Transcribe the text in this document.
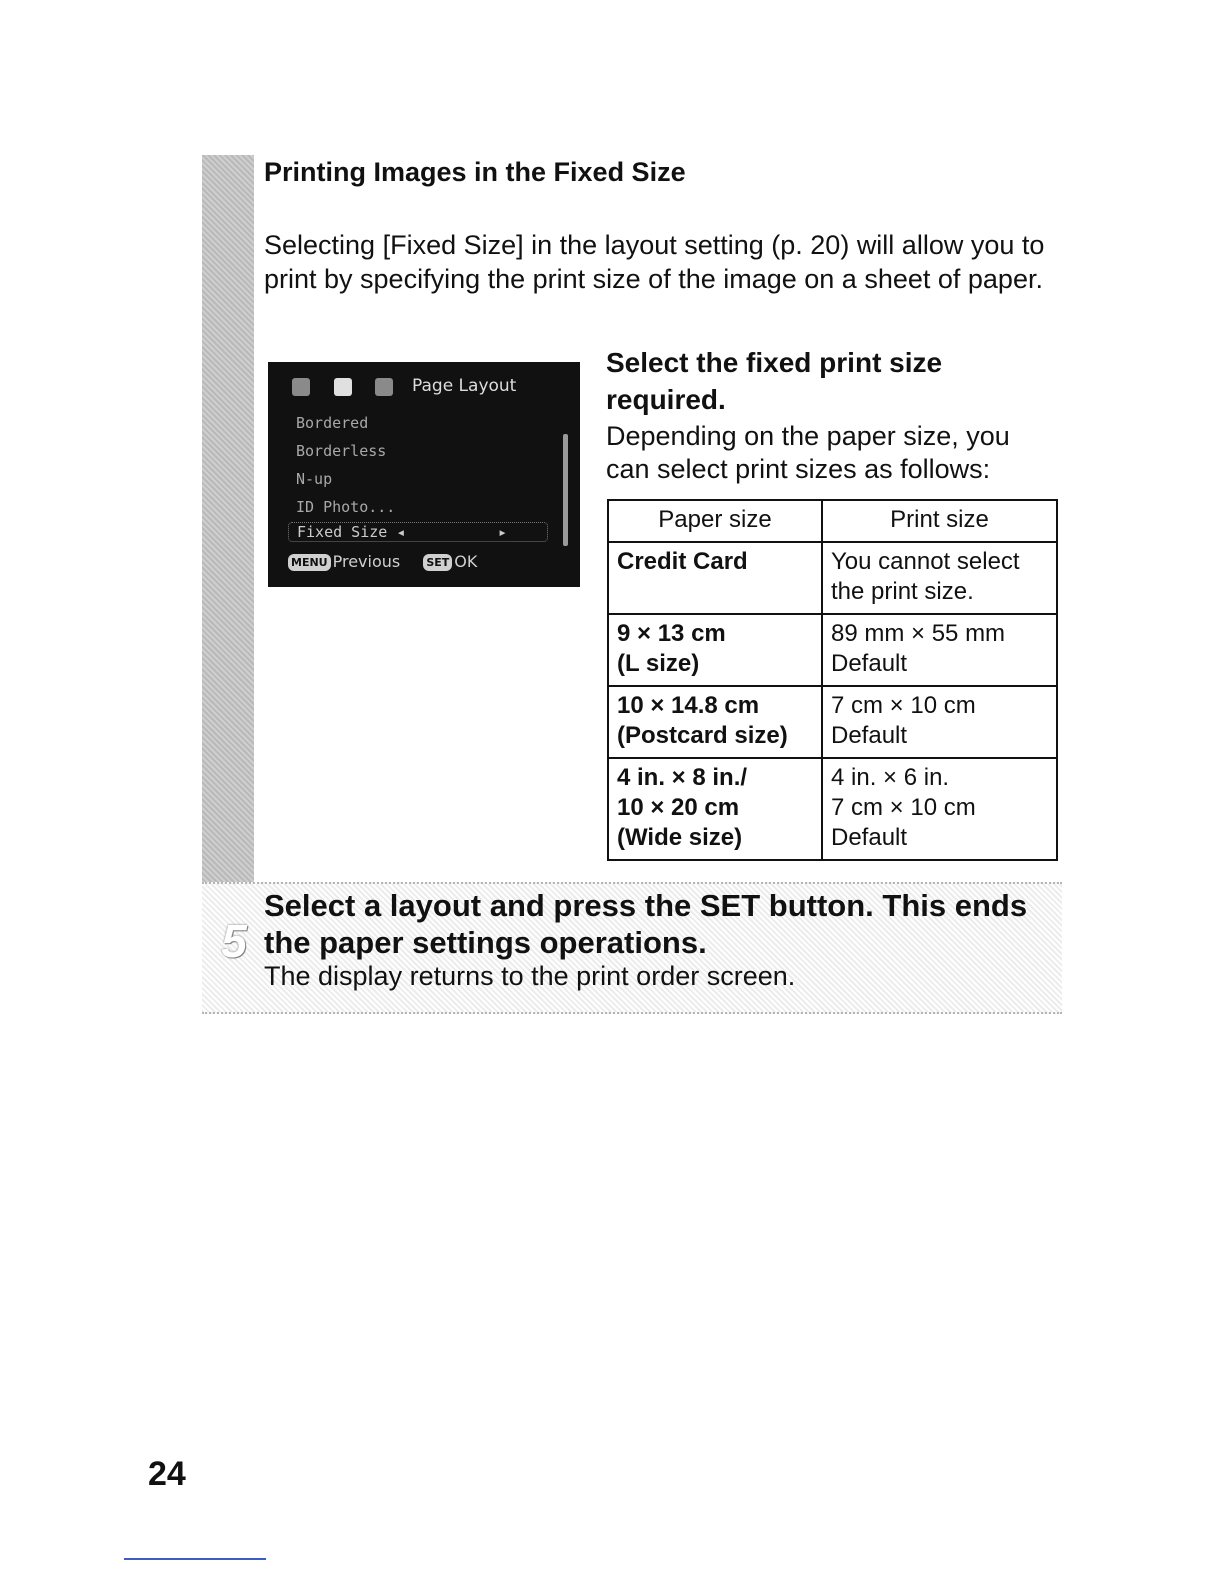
5
Printing Images in the Fixed Size

Selecting [Fixed Size] in the layout setting (p. 20) will allow you to print by specifying the print size of the image on a sheet of paper.

Page Layout
Bordered
Borderless
N-up
ID Photo...
Fixed Size ◂	▸
MENU Previous SET OK
Select the fixed print size required.

Depending on the paper size, you can select print sizes as follows:

Paper size	Print size

Credit Card	You cannot select
the print size.

9 × 13 cm
(L size)	89 mm × 55 mm
Default

10 × 14.8 cm
(Postcard size)	7 cm × 10 cm
Default

4 in. × 8 in./
10 × 20 cm
(Wide size)	4 in. × 6 in.
7 cm × 10 cm
Default
Select a layout and press the SET button. This ends the paper settings operations.

The display returns to the print order screen.

24
